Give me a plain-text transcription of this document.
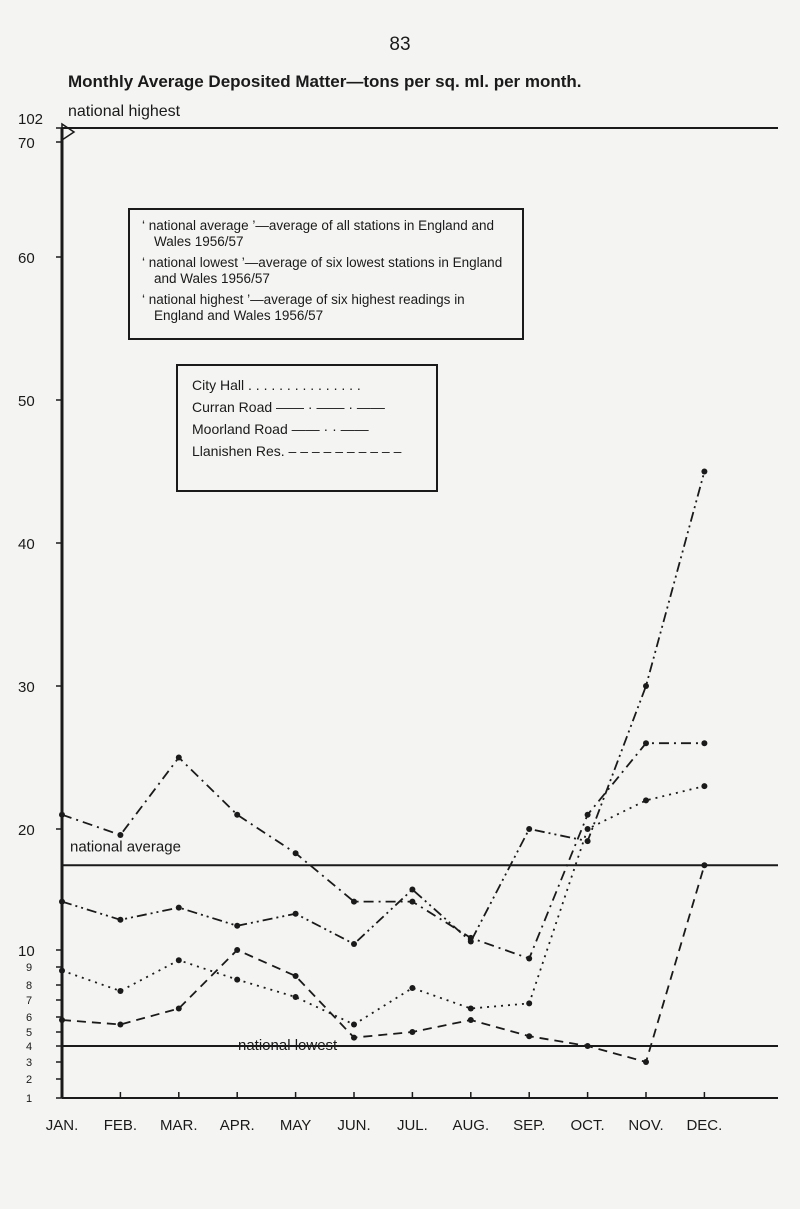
83
Monthly Average Deposited Matter—tons per sq. ml. per month.
national highest
102
70
60
50
40
30
20
10
9
8
7
6
5
4
3
2
1
JAN. FEB. MAR. APR. MAY JUN. JUL. AUG. SEP. OCT. NOV. DEC.
national average
national lowest

‘ national average ’—average of all stations in England and Wales 1956/57

‘ national lowest ’—average of six lowest stations in England and Wales 1956/57

‘ national highest ’—average of six highest readings in England and Wales 1956/57

City Hall . . . . . . . . . . . . . . .
Curran Road —— · —— · ——
Moorland Road —— · · ——
Llanishen Res. – – – – – – – – – –
